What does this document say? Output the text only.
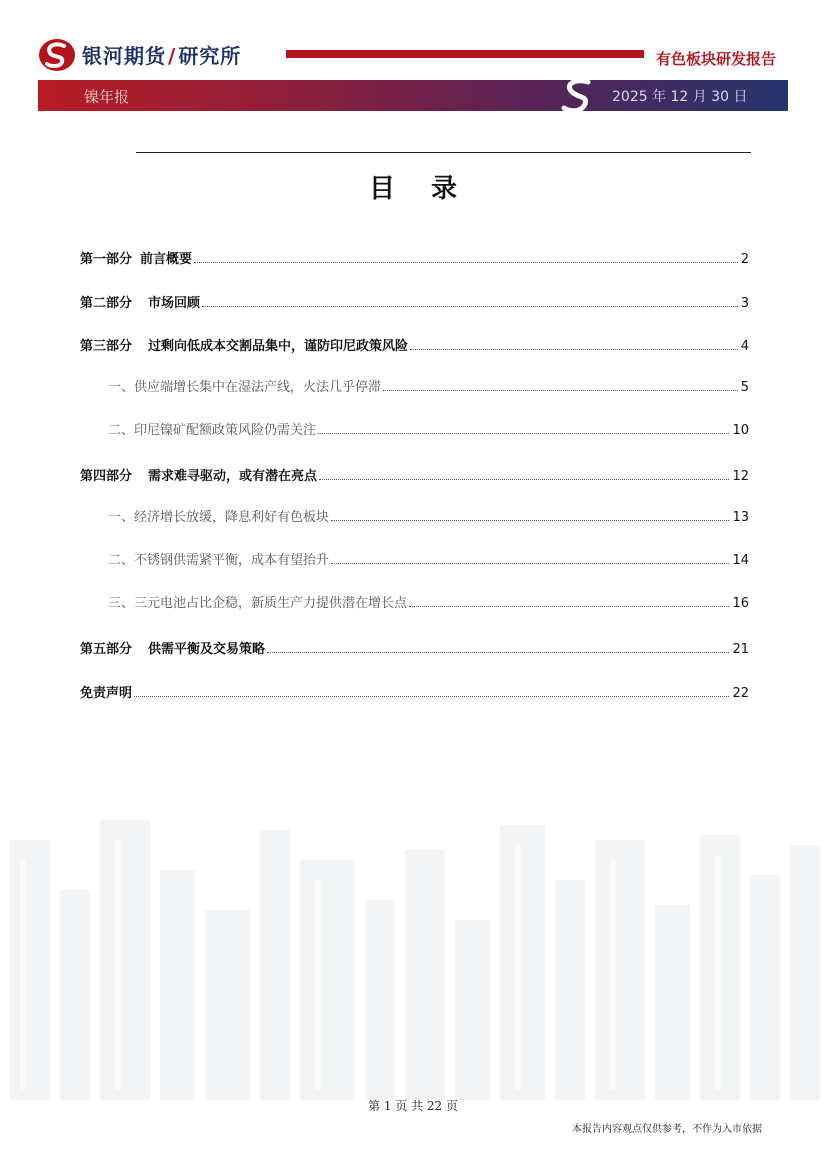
银河期货 / 研究所	有色板块研发报告
镍年报	2025 年 12 月 30 日
目录
第一部分 前言概要	2
第二部分 市场回顾	3
第三部分 过剩向低成本交割品集中，谨防印尼政策风险	4
一、供应端增长集中在湿法产线，火法几乎停滞	5
二、印尼镍矿配额政策风险仍需关注	10
第四部分 需求难寻驱动，或有潜在亮点	12
一、经济增长放缓，降息利好有色板块	13
二、不锈钢供需紧平衡，成本有望抬升	14
三、三元电池占比企稳，新质生产力提供潜在增长点	16
第五部分 供需平衡及交易策略	21
免责声明	22
第 1 页 共 22 页
本报告内容观点仅供参考，不作为入市依据
